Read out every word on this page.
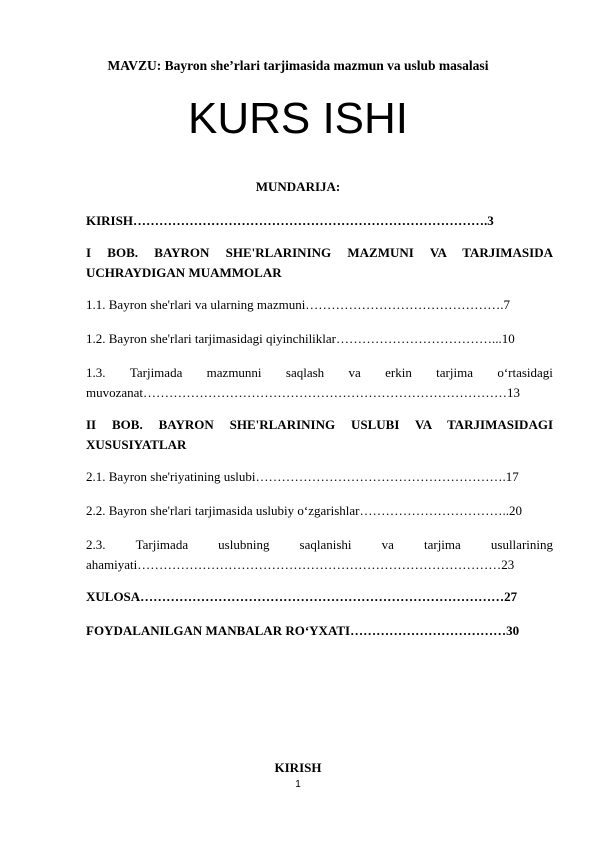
MAVZU: Bayron she’rlari tarjimasida mazmun va uslub masalasi
KURS ISHI
MUNDARIJA:
KIRISH……………………………………………………………………….3
I BOB. BAYRON SHE'RLARINING MAZMUNI VA TARJIMASIDA UCHRAYDIGAN MUAMMOLAR
1.1. Bayron she'rlari va ularning mazmuni……………………………………….7
1.2. Bayron she'rlari tarjimasidagi qiyinchiliklar………………………………...10
1.3. Tarjimada mazmunni saqlash va erkin tarjima o‘rtasidagi
muvozanat…………………………………………………………………………13
II BOB. BAYRON SHE'RLARINING USLUBI VA TARJIMASIDAGI XUSUSIYATLAR
2.1. Bayron she'riyatining uslubi………………………………………………….17
2.2. Bayron she'rlari tarjimasida uslubiy o‘zgarishlar……………………………..20
2.3. Tarjimada uslubning saqlanishi va tarjima usullarining
ahamiyati…………………………………………………………………………23
XULOSA…………………………………………………………………………27
FOYDALANILGAN MANBALAR RO‘YXATI………………………………30
KIRISH
1
